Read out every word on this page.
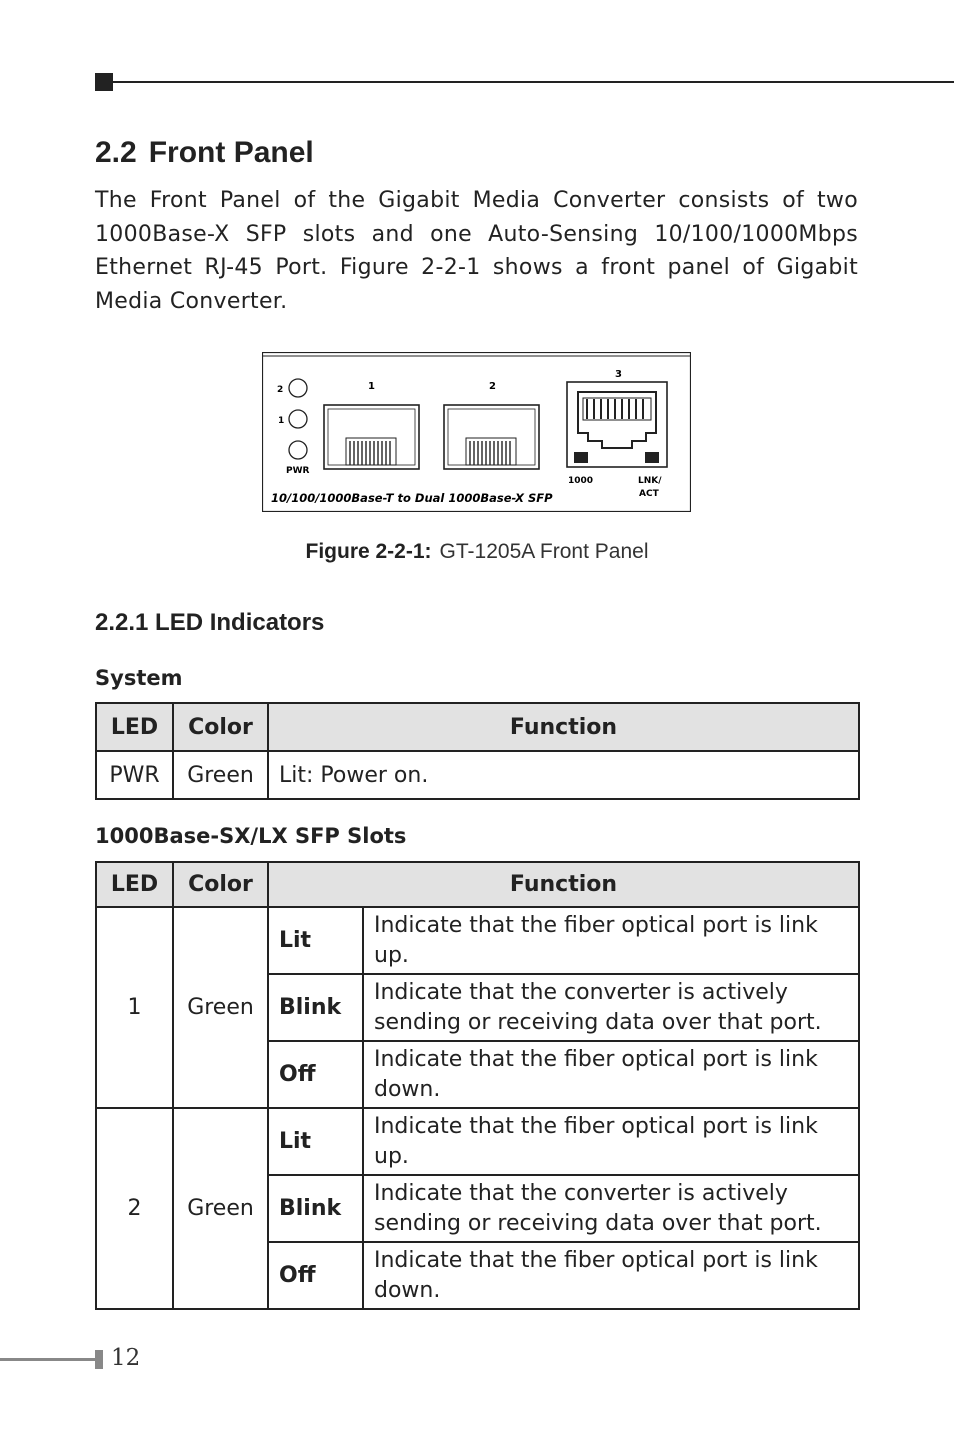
2.2 Front Panel

The Front Panel of the Gigabit Media Converter consists of two 1000Base-X SFP slots and one Auto-Sensing 10/100/1000Mbps Ethernet RJ-45 Port. Figure 2-2-1 shows a front panel of Gigabit Media Converter.

2
1
PWR
1	2
3
1000	LNK/
ACT
10/100/1000Base-T to Dual 1000Base-X SFP
Figure 2-2-1: GT-1205A Front Panel
2.2.1 LED Indicators
System
LED	Color	Function
PWR	Green	Lit: Power on.
1000Base-SX/LX SFP Slots
LED	Color	Function	
1	Green	Lit	Indicate that the fiber optical port is link up.
		Blink	Indicate that the converter is actively sending or receiving data over that port.
		Off	Indicate that the fiber optical port is link down.
2	Green	Lit	Indicate that the fiber optical port is link up.
		Blink	Indicate that the converter is actively sending or receiving data over that port.
		Off	Indicate that the fiber optical port is link down.
12
